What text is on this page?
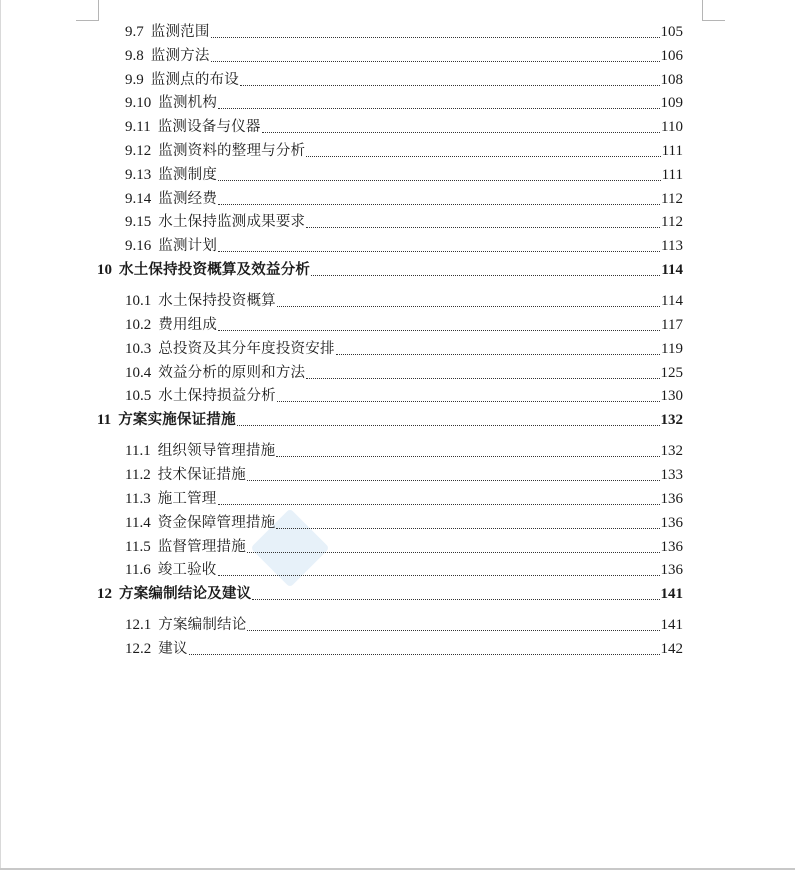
9.7 监测范围	105
9.8 监测方法	106
9.9 监测点的布设	108
9.10 监测机构	109
9.11 监测设备与仪器	110
9.12 监测资料的整理与分析	111
9.13 监测制度	111
9.14 监测经费	112
9.15 水土保持监测成果要求	112
9.16 监测计划	113
10 水土保持投资概算及效益分析	114
10.1 水土保持投资概算	114
10.2 费用组成	117
10.3 总投资及其分年度投资安排	119
10.4 效益分析的原则和方法	125
10.5 水土保持损益分析	130
11 方案实施保证措施	132
11.1 组织领导管理措施	132
11.2 技术保证措施	133
11.3 施工管理	136
11.4 资金保障管理措施	136
11.5 监督管理措施	136
11.6 竣工验收	136
12 方案编制结论及建议	141
12.1 方案编制结论	141
12.2 建议	142
